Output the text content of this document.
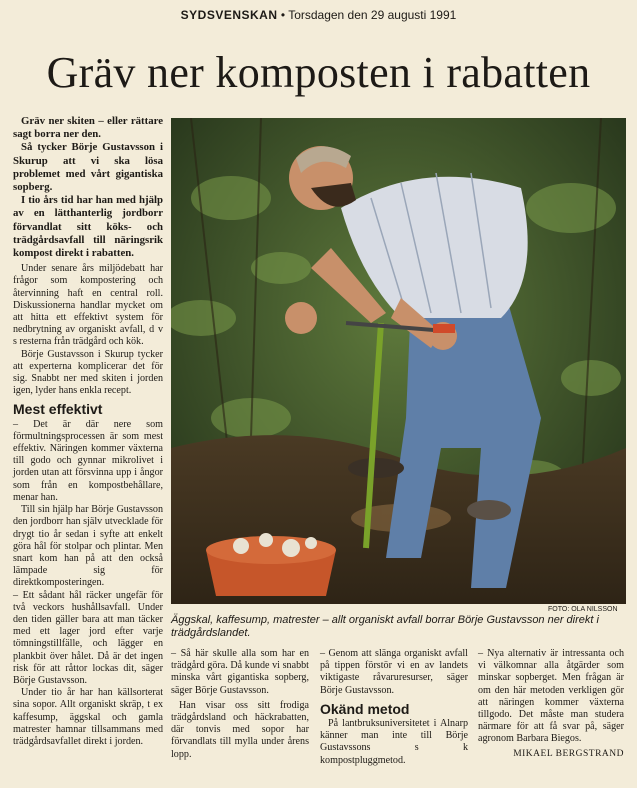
SYDSVENSKAN • Torsdagen den 29 augusti 1991
Gräv ner komposten i rabatten

Gräv ner skiten – eller rättare sagt borra ner den.

Så tycker Börje Gustavsson i Skurup att vi ska lösa problemet med vårt gigantiska sopberg.

I tio års tid har han med hjälp av en lätthanterlig jordborr förvandlat sitt köks- och trädgårdsavfall till näringsrik kompost direkt i rabatten.

Under senare års miljödebatt har frågor som kompostering och återvinning haft en central roll. Diskussionerna handlar mycket om att hitta ett effektivt system för nedbrytning av organiskt avfall, d v s resterna från trädgård och kök.

Börje Gustavsson i Skurup tycker att experterna komplicerar det för sig. Snabbt ner med skiten i jorden igen, lyder hans enkla recept.

Mest effektivt

– Det är där nere som förmultningsprocessen är som mest effektiv. Näringen kommer växterna till godo och gynnar mikrolivet i jorden utan att försvinna upp i ångor som från en kompostbehållare, menar han.

Till sin hjälp har Börje Gustavsson den jordborr han själv utvecklade för drygt tio år sedan i syfte att enkelt göra hål för stolpar och plintar. Men snart kom han på att den också lämpade sig för direktkomposteringen.

– Ett sådant hål räcker ungefär för två veckors hushållsavfall. Under den tiden gäller bara att man täcker med ett lager jord efter varje tömningstillfälle, och lägger en plankbit över hålet. Då är det ingen risk för att råttor lockas dit, säger Börje Gustavsson.

Under tio år har han källsorterat sina sopor. Allt organiskt skräp, t ex kaffesump, äggskal och gamla matrester hamnar tillsammans med trädgårdsavfallet direkt i jorden.

FOTO: OLA NILSSON
Äggskal, kaffesump, matrester – allt organiskt avfall borrar Börje Gustavsson ner direkt i trädgårdslandet.

– Så här skulle alla som har en trädgård göra. Då kunde vi snabbt minska vårt gigantiska sopberg, säger Börje Gustavsson.

Han visar oss sitt frodiga trädgårdsland och häckrabatten, där tonvis med sopor har förvandlats till mylla under årens lopp.

– Genom att slänga organiskt avfall på tippen förstör vi en av landets viktigaste råvaruresurser, säger Börje Gustavsson.

Okänd metod

På lantbruksuniversitetet i Alnarp känner man inte till Börje Gustavssons s k kompostpluggmetod.

– Nya alternativ är intressanta och vi välkomnar alla åtgärder som minskar sopberget. Men frågan är om den här metoden verkligen gör att näringen kommer växterna tillgodo. Det måste man studera närmare för att få svar på, säger agronom Barbara Biegos.

MIKAEL BERGSTRAND
